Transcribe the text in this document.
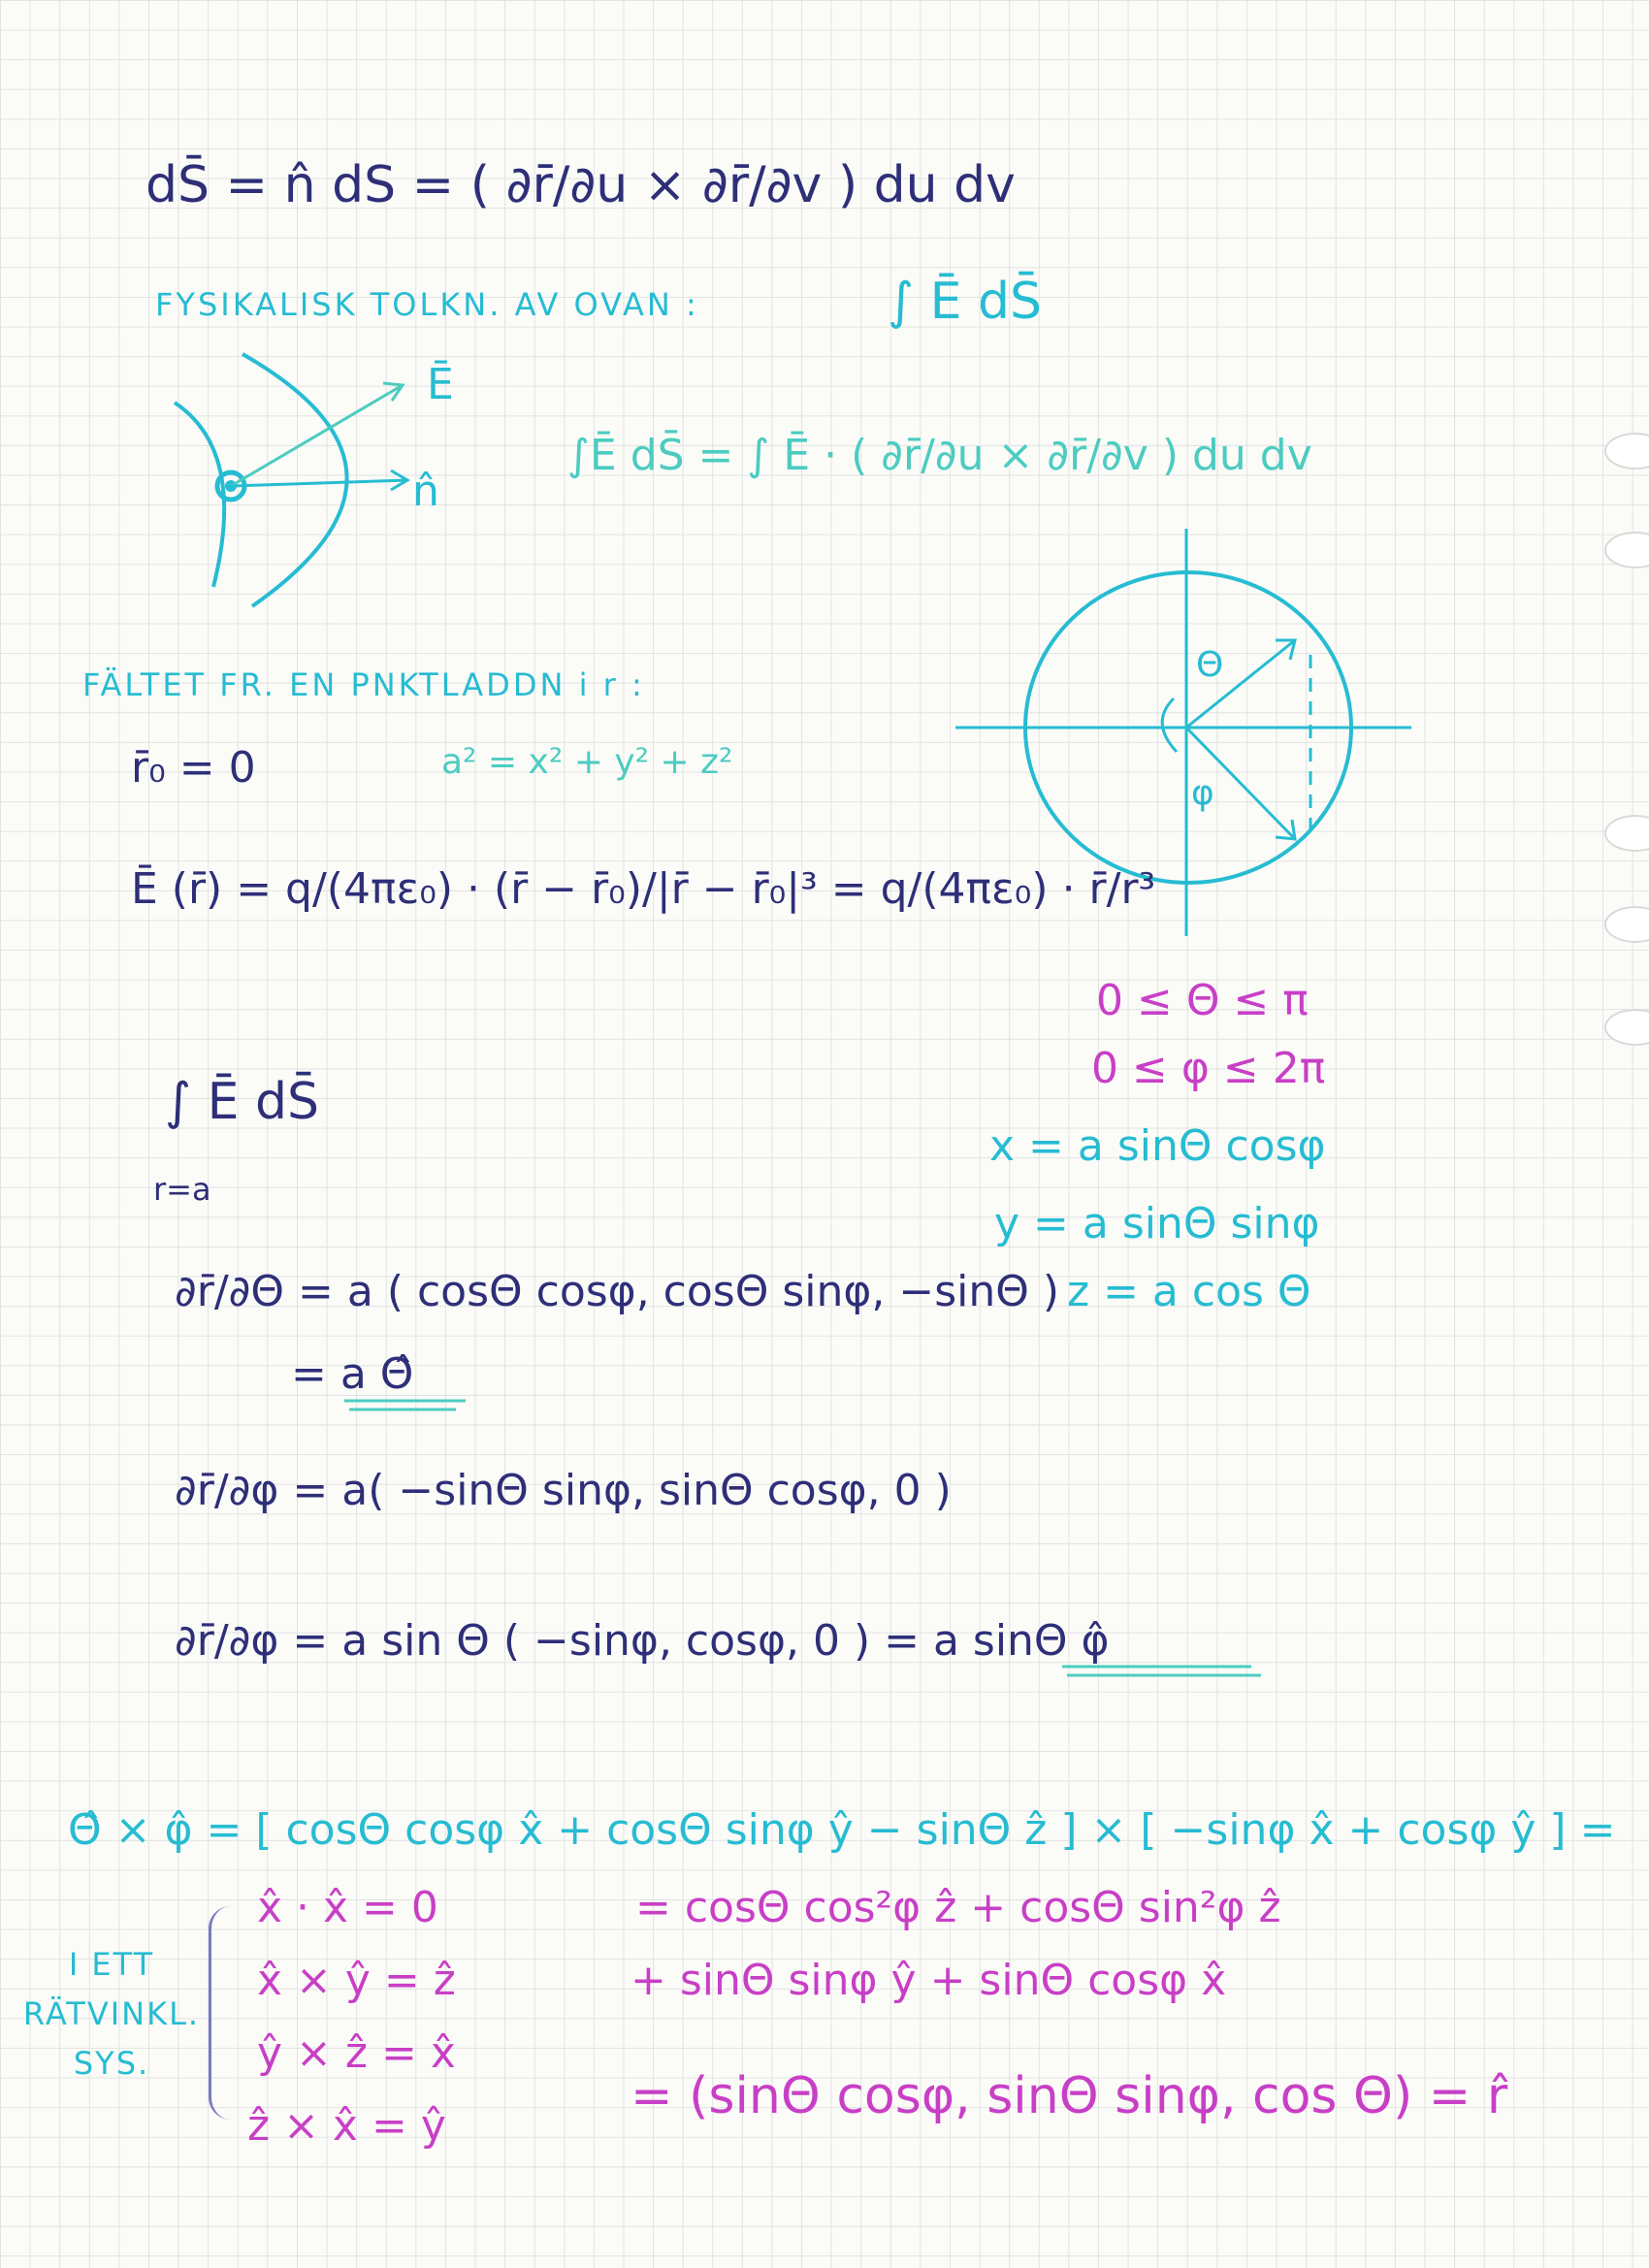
dS̄ = n̂ dS = ( ∂r̄/∂u × ∂r̄/∂v ) du dv
FYSIKALISK TOLKN. AV OVAN :	∫ Ē dS̄
Ē
n̂
∫Ē dS̄ = ∫ Ē · ( ∂r̄/∂u × ∂r̄/∂v ) du dv
Θ
φ
FÄLTET FR. EN PNKTLADDN i r :
r̄₀ = 0	a² = x² + y² + z²
Ē (r̄) = q/(4πε₀) · (r̄ − r̄₀)/|r̄ − r̄₀|³ = q/(4πε₀) · r̄/r³
0 ≤ Θ ≤ π
0 ≤ φ ≤ 2π
x = a sinΘ cosφ
y = a sinΘ sinφ
∫ Ē dS̄
r=a
∂r̄/∂Θ = a ( cosΘ cosφ, cosΘ sinφ, −sinΘ ) z = a cos Θ
= a Θ̂
∂r̄/∂φ = a( −sinΘ sinφ, sinΘ cosφ, 0 )
∂r̄/∂φ = a sin Θ ( −sinφ, cosφ, 0 ) = a sinΘ φ̂
Θ̂ × φ̂ = [ cosΘ cosφ x̂ + cosΘ sinφ ŷ − sinΘ ẑ ] × [ −sinφ x̂ + cosφ ŷ ] =
I ETT RÄTVINKL. SYS.
x̂ · x̂ = 0
x̂ × ŷ = ẑ
ŷ × ẑ = x̂
ẑ × x̂ = ŷ
= cosΘ cos²φ ẑ + cosΘ sin²φ ẑ
+ sinΘ sinφ ŷ + sinΘ cosφ x̂
= (sinΘ cosφ, sinΘ sinφ, cos Θ) = r̂
